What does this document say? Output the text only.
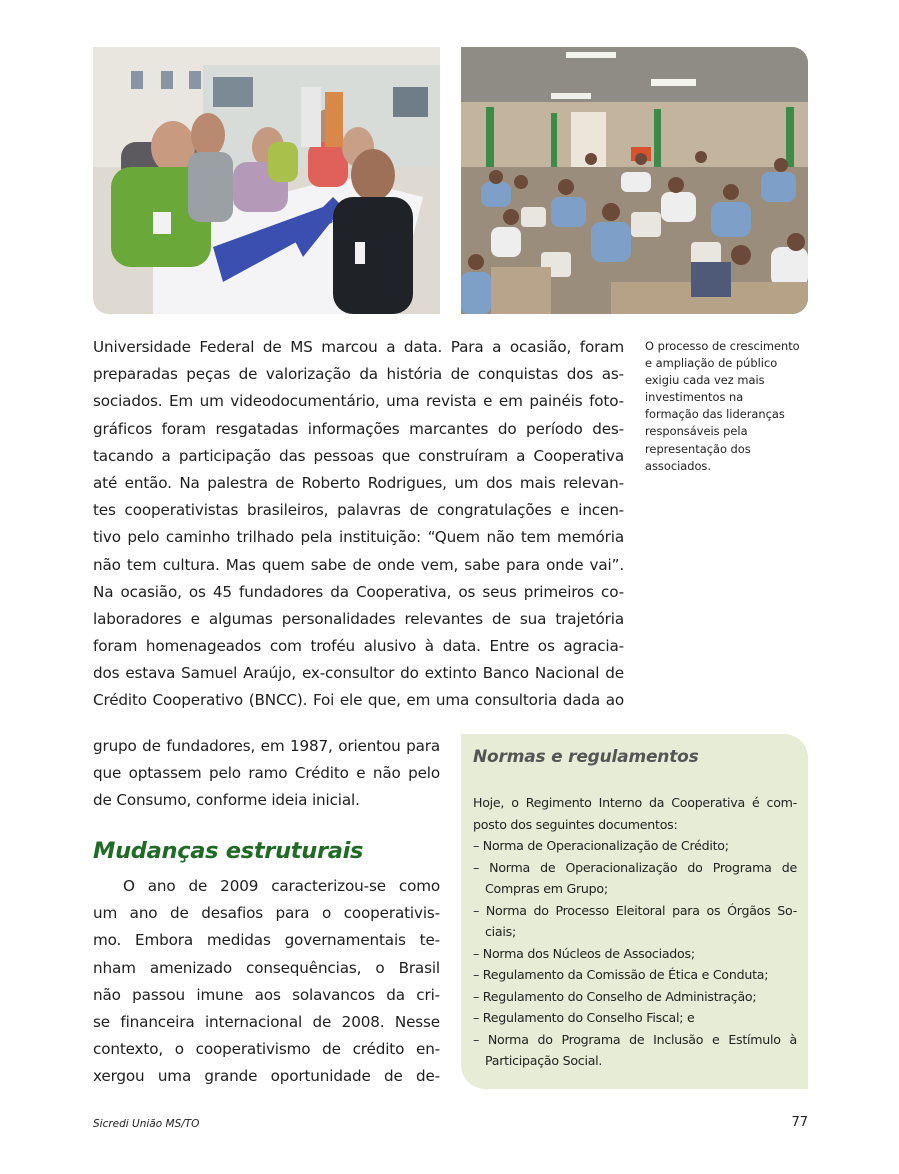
Universidade Federal de MS marcou a data. Para a ocasião, foram
preparadas peças de valorização da história de conquistas dos as-
sociados. Em um videodocumentário, uma revista e em painéis foto-
gráficos foram resgatadas informações marcantes do período des-
tacando a participação das pessoas que construíram a Cooperativa
até então. Na palestra de Roberto Rodrigues, um dos mais relevan-
tes cooperativistas brasileiros, palavras de congratulações e incen-
tivo pelo caminho trilhado pela instituição: “Quem não tem memória
não tem cultura. Mas quem sabe de onde vem, sabe para onde vai”.
Na ocasião, os 45 fundadores da Cooperativa, os seus primeiros co-
laboradores e algumas personalidades relevantes de sua trajetória
foram homenageados com troféu alusivo à data. Entre os agracia-
dos estava Samuel Araújo, ex-consultor do extinto Banco Nacional de
Crédito Cooperativo (BNCC). Foi ele que, em uma consultoria dada ao
grupo de fundadores, em 1987, orientou para
que optassem pelo ramo Crédito e não pelo
de Consumo, conforme ideia inicial.
O processo de crescimento
e ampliação de público
exigiu cada vez mais
investimentos na
formação das lideranças
responsáveis pela
representação dos
associados.
Mudanças estruturais
O ano de 2009 caracterizou-se como
um ano de desafios para o cooperativis-
mo. Embora medidas governamentais te-
nham amenizado consequências, o Brasil
não passou imune aos solavancos da cri-
se financeira internacional de 2008. Nesse
contexto, o cooperativismo de crédito en-
xergou uma grande oportunidade de de-
Normas e regulamentos
Hoje, o Regimento Interno da Cooperativa é com-
posto dos seguintes documentos:
– Norma de Operacionalização de Crédito;
– Norma de Operacionalização do Programa de
Compras em Grupo;
– Norma do Processo Eleitoral para os Órgãos So-
ciais;
– Norma dos Núcleos de Associados;
– Regulamento da Comissão de Ética e Conduta;
– Regulamento do Conselho de Administração;
– Regulamento do Conselho Fiscal; e
– Norma do Programa de Inclusão e Estímulo à
Participação Social.
Sicredi União MS/TO	77
